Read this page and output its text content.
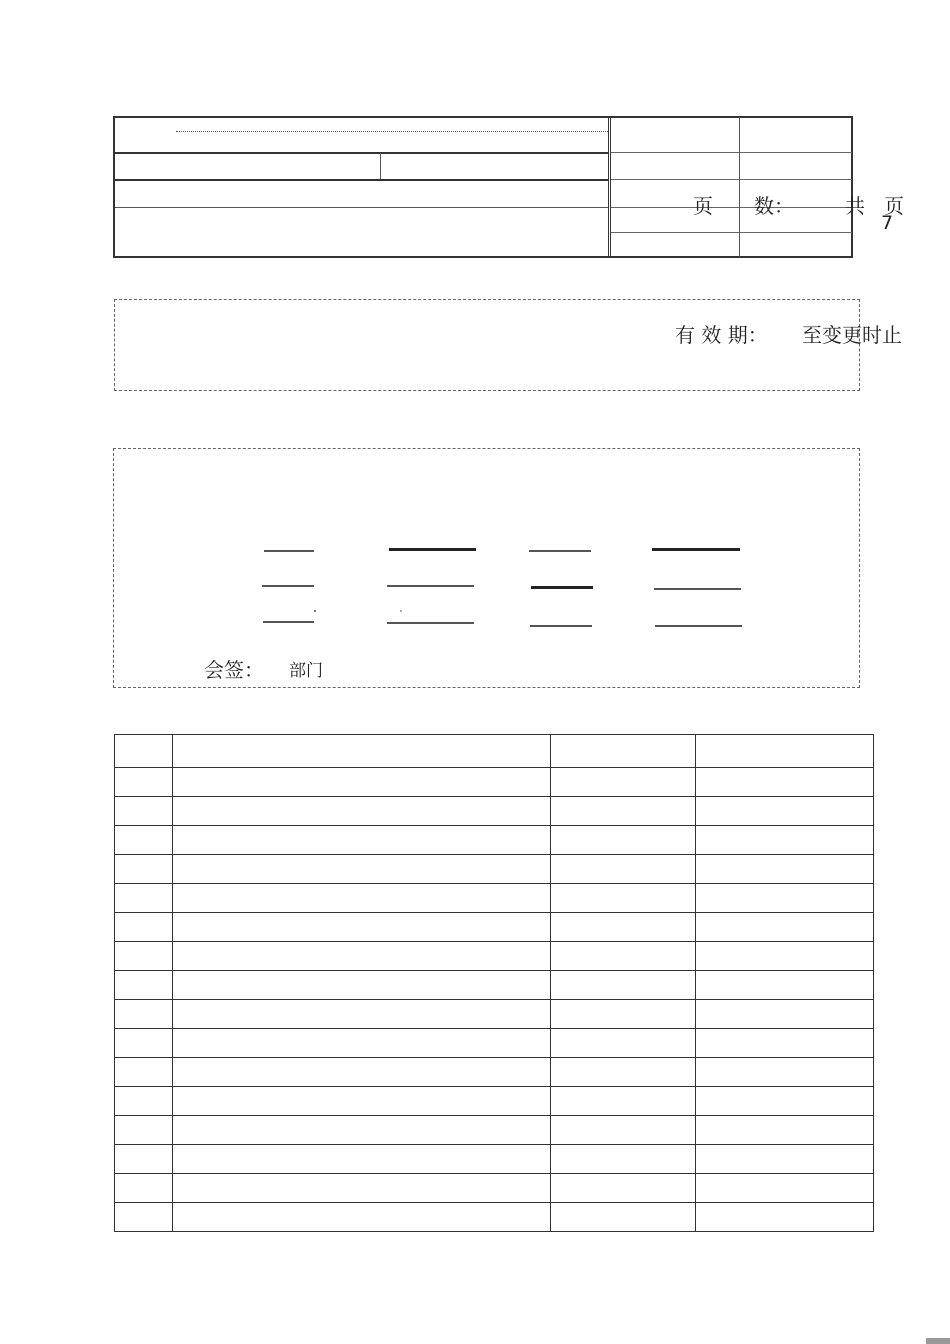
页 数：	共 页
7
有 效 期： 至变更时止
会签： 部门
